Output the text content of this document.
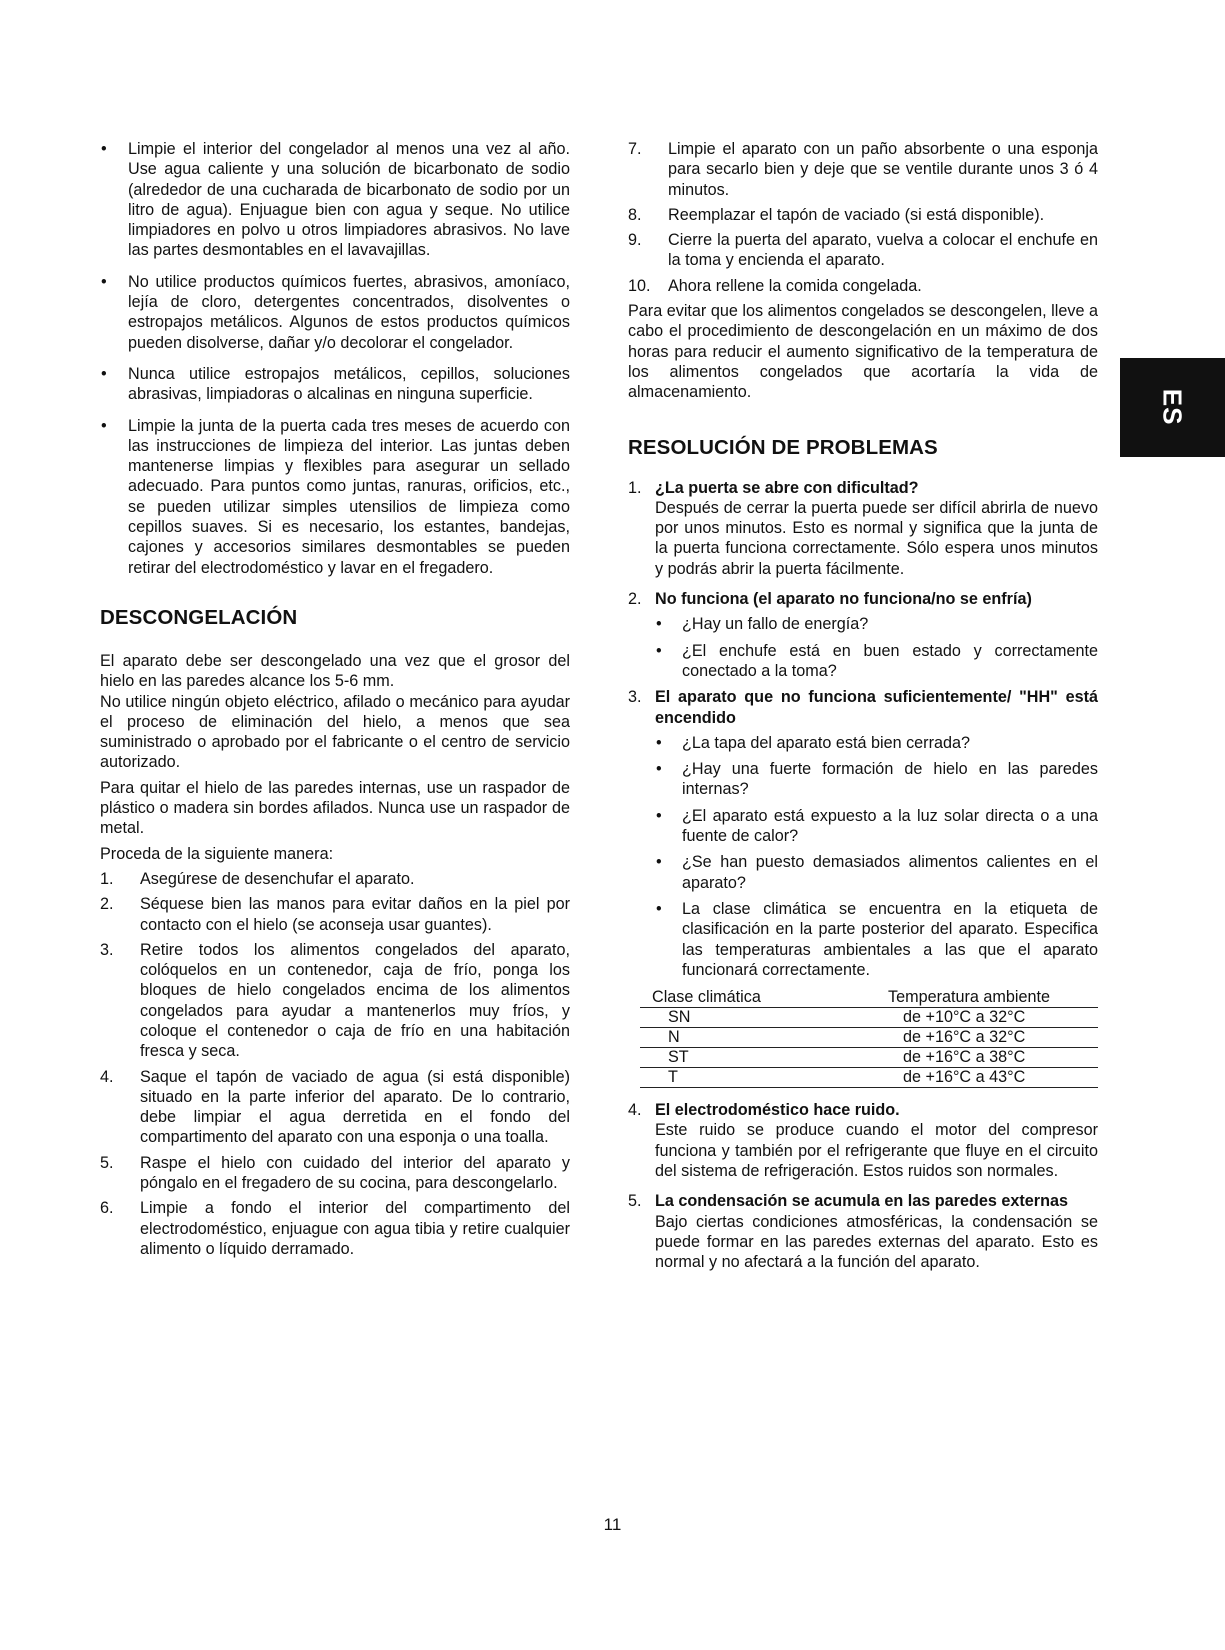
• Limpie el interior del congelador al menos una vez al año. Use agua caliente y una solución de bicarbonato de sodio (alrededor de una cucharada de bicarbonato de sodio por un litro de agua). Enjuague bien con agua y seque. No utilice limpiadores en polvo u otros limpiadores abrasivos. No lave las partes desmontables en el lavavajillas.
• No utilice productos químicos fuertes, abrasivos, amoníaco, lejía de cloro, detergentes concentrados, disolventes o estropajos metálicos. Algunos de estos productos químicos pueden disolverse, dañar y/o decolorar el congelador.
• Nunca utilice estropajos metálicos, cepillos, soluciones abrasivas, limpiadoras o alcalinas en ninguna superficie.
• Limpie la junta de la puerta cada tres meses de acuerdo con las instrucciones de limpieza del interior. Las juntas deben mantenerse limpias y flexibles para asegurar un sellado adecuado. Para puntos como juntas, ranuras, orificios, etc., se pueden utilizar simples utensilios de limpieza como cepillos suaves. Si es necesario, los estantes, bandejas, cajones y accesorios similares desmontables se pueden retirar del electrodoméstico y lavar en el fregadero.
DESCONGELACIÓN

El aparato debe ser descongelado una vez que el grosor del hielo en las paredes alcance los 5-6 mm.

No utilice ningún objeto eléctrico, afilado o mecánico para ayudar el proceso de eliminación del hielo, a menos que sea suministrado o aprobado por el fabricante o el centro de servicio autorizado.

Para quitar el hielo de las paredes internas, use un raspador de plástico o madera sin bordes afilados. Nunca use un raspador de metal.

Proceda de la siguiente manera:

1. Asegúrese de desenchufar el aparato.
2. Séquese bien las manos para evitar daños en la piel por contacto con el hielo (se aconseja usar guantes).
3. Retire todos los alimentos congelados del aparato, colóquelos en un contenedor, caja de frío, ponga los bloques de hielo congelados encima de los alimentos congelados para ayudar a mantenerlos muy fríos, y coloque el contenedor o caja de frío en una habitación fresca y seca.
4. Saque el tapón de vaciado de agua (si está disponible) situado en la parte inferior del aparato. De lo contrario, debe limpiar el agua derretida en el fondo del compartimento del aparato con una esponja o una toalla.
5. Raspe el hielo con cuidado del interior del aparato y póngalo en el fregadero de su cocina, para descongelarlo.
6. Limpie a fondo el interior del compartimento del electrodoméstico, enjuague con agua tibia y retire cualquier alimento o líquido derramado.
7. Limpie el aparato con un paño absorbente o una esponja para secarlo bien y deje que se ventile durante unos 3 ó 4 minutos.
8. Reemplazar el tapón de vaciado (si está disponible).
9. Cierre la puerta del aparato, vuelva a colocar el enchufe en la toma y encienda el aparato.
10. Ahora rellene la comida congelada.

Para evitar que los alimentos congelados se descongelen, lleve a cabo el procedimiento de descongelación en un máximo de dos horas para reducir el aumento significativo de la temperatura de los alimentos congelados que acortaría la vida de almacenamiento.

RESOLUCIÓN DE PROBLEMAS
1. ¿La puerta se abre con dificultad?
Después de cerrar la puerta puede ser difícil abrirla de nuevo por unos minutos. Esto es normal y significa que la junta de la puerta funciona correctamente. Sólo espera unos minutos y podrás abrir la puerta fácilmente.
2. No funciona (el aparato no funciona/no se enfría)
• ¿Hay un fallo de energía?
• ¿El enchufe está en buen estado y correctamente conectado a la toma?
3. El aparato que no funciona suficientemente/ "HH" está encendido
• ¿La tapa del aparato está bien cerrada?
• ¿Hay una fuerte formación de hielo en las paredes internas?
• ¿El aparato está expuesto a la luz solar directa o a una fuente de calor?
• ¿Se han puesto demasiados alimentos calientes en el aparato?
• La clase climática se encuentra en la etiqueta de clasificación en la parte posterior del aparato. Especifica las temperaturas ambientales a las que el aparato funcionará correctamente.
Clase climática	Temperatura ambiente
SN	de +10°C a 32°C
N	de +16°C a 32°C
ST	de +16°C a 38°C
T	de +16°C a 43°C
4. El electrodoméstico hace ruido.
Este ruido se produce cuando el motor del compresor funciona y también por el refrigerante que fluye en el circuito del sistema de refrigeración. Estos ruidos son normales.
5. La condensación se acumula en las paredes externas
Bajo ciertas condiciones atmosféricas, la condensación se puede formar en las paredes externas del aparato. Esto es normal y no afectará a la función del aparato.
ES
11
